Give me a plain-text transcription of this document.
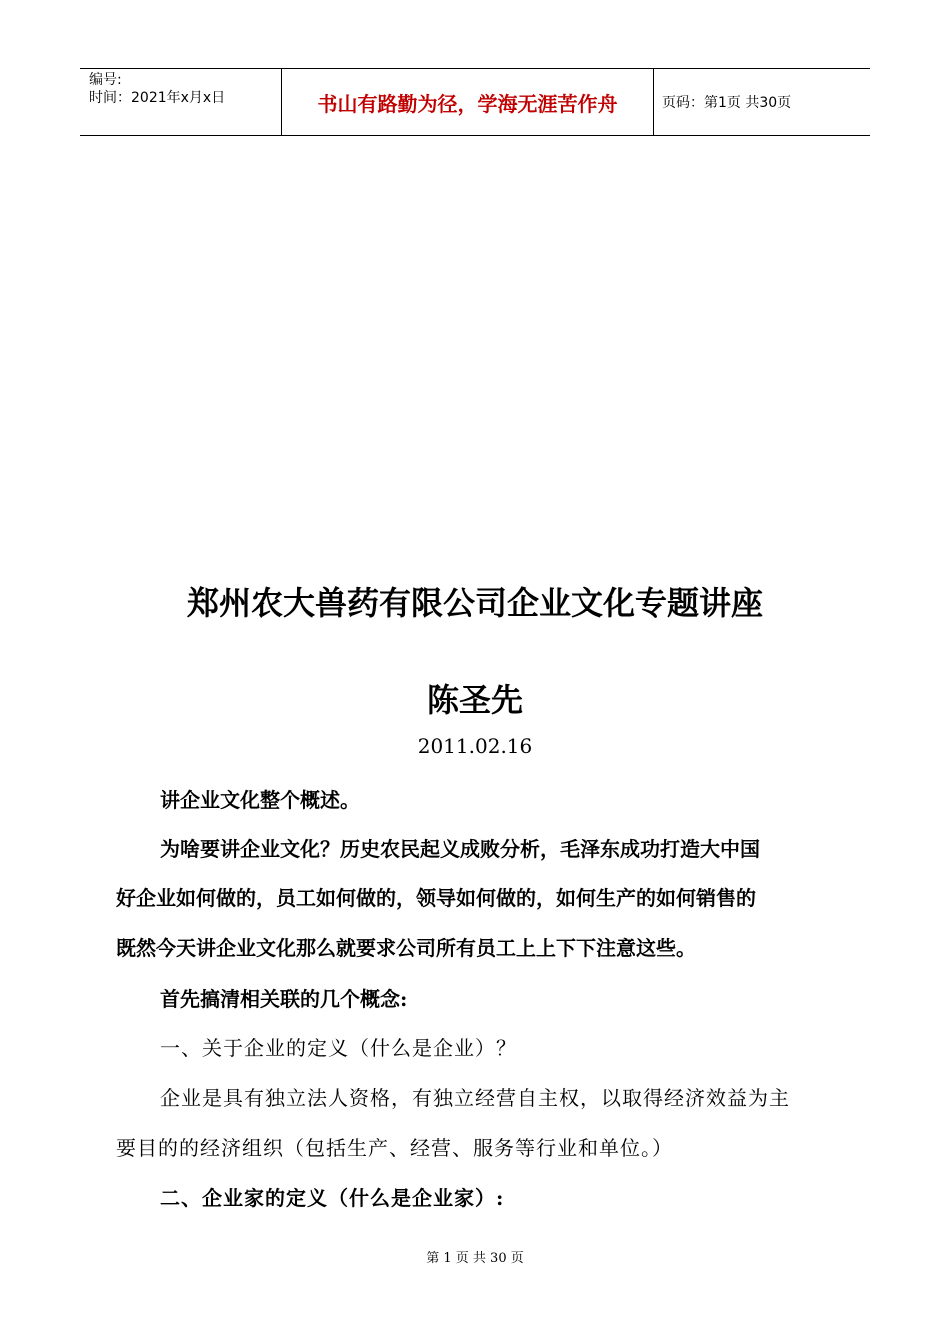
编号:
时间：2021年x月x日	书山有路勤为径，学海无涯苦作舟	页码：第1页 共30页
郑州农大兽药有限公司企业文化专题讲座
陈圣先
2011.02.16
讲企业文化整个概述。
为啥要讲企业文化？历史农民起义成败分析，毛泽东成功打造大中国
好企业如何做的，员工如何做的，领导如何做的，如何生产的如何销售的
既然今天讲企业文化那么就要求公司所有员工上上下下注意这些。
首先搞清相关联的几个概念:
一、关于企业的定义（什么是企业）？
企业是具有独立法人资格，有独立经营自主权，以取得经济效益为主
要目的的经济组织（包括生产、经营、服务等行业和单位。）
二、企业家的定义（什么是企业家）:
第 1 页 共 30 页
